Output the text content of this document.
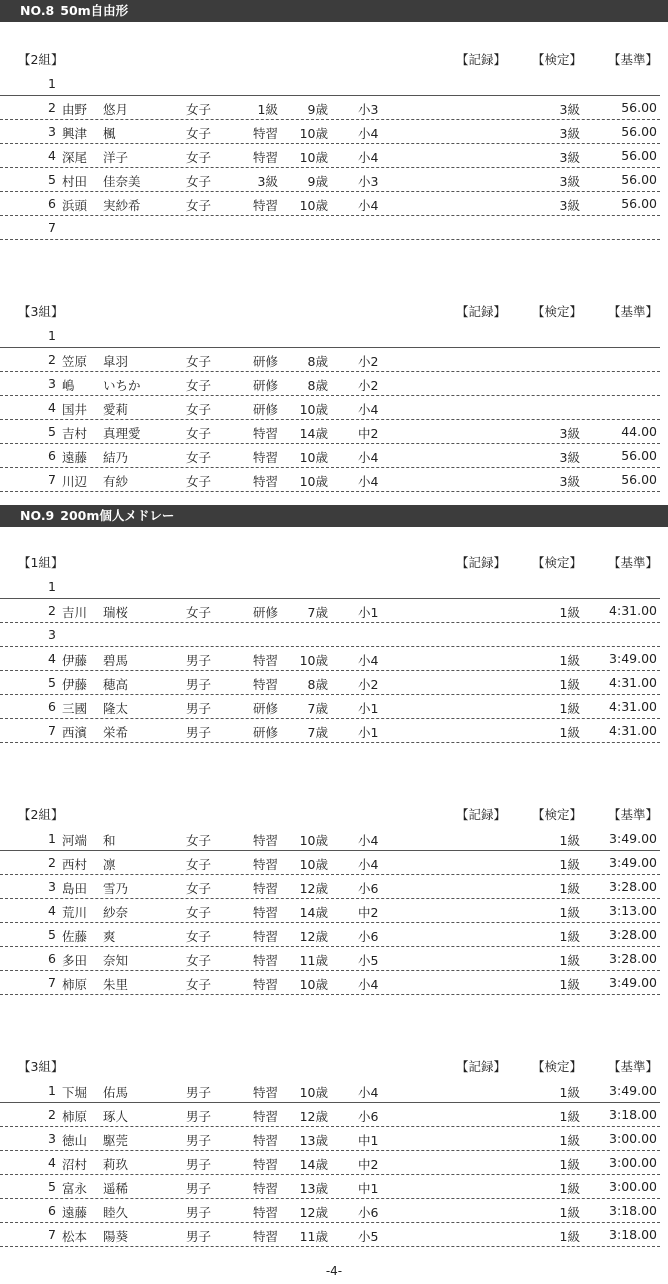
NO.8 50m自由形
【2組】	【記録】 【検定】 【基準】
1
2 由野 悠月	女子	1級	9歳 小3	3級	56.00
3 興津 楓	女子	特習	10歳 小4	3級	56.00
4 深尾 洋子	女子	特習	10歳 小4	3級	56.00
5 村田 佳奈美	女子	3級	9歳 小3	3級	56.00
6 浜頭 実紗希	女子	特習	10歳 小4	3級	56.00
7
【3組】	【記録】 【検定】 【基準】
1
2 笠原 皐羽	女子	研修	8歳 小2
3 嶋 いちか	女子	研修	8歳 小2
4 国井 愛莉	女子	研修	10歳 小4
5 吉村 真理愛	女子	特習	14歳 中2	3級	44.00
6 遠藤 結乃	女子	特習	10歳 小4	3級	56.00
7 川辺 有紗	女子	特習	10歳 小4	3級	56.00
NO.9 200m個人メドレー
【1組】	【記録】 【検定】 【基準】
1
2 吉川 瑞桜	女子	研修	7歳 小1	1級	4:31.00
3
4 伊藤 碧馬	男子	特習	10歳 小4	1級	3:49.00
5 伊藤 穂高	男子	特習	8歳 小2	1級	4:31.00
6 三國 隆太	男子	研修	7歳 小1	1級	4:31.00
7 西濱 栄希	男子	研修	7歳 小1	1級	4:31.00
【2組】	【記録】 【検定】 【基準】
1 河端 和	女子	特習	10歳 小4	1級	3:49.00
2 西村 凛	女子	特習	10歳 小4	1級	3:49.00
3 島田 雪乃	女子	特習	12歳 小6	1級	3:28.00
4 荒川 紗奈	女子	特習	14歳 中2	1級	3:13.00
5 佐藤 爽	女子	特習	12歳 小6	1級	3:28.00
6 多田 奈知	女子	特習	11歳 小5	1級	3:28.00
7 柿原 朱里	女子	特習	10歳 小4	1級	3:49.00
【3組】	【記録】 【検定】 【基準】
1 下堀 佑馬	男子	特習	10歳 小4	1級	3:49.00
2 柿原 琢人	男子	特習	12歳 小6	1級	3:18.00
3 徳山 駆莞	男子	特習	13歳 中1	1級	3:00.00
4 沼村 莉玖	男子	特習	14歳 中2	1級	3:00.00
5 富永 遥稀	男子	特習	13歳 中1	1級	3:00.00
6 遠藤 睦久	男子	特習	12歳 小6	1級	3:18.00
7 松本 陽葵	男子	特習	11歳 小5	1級	3:18.00
-4-
